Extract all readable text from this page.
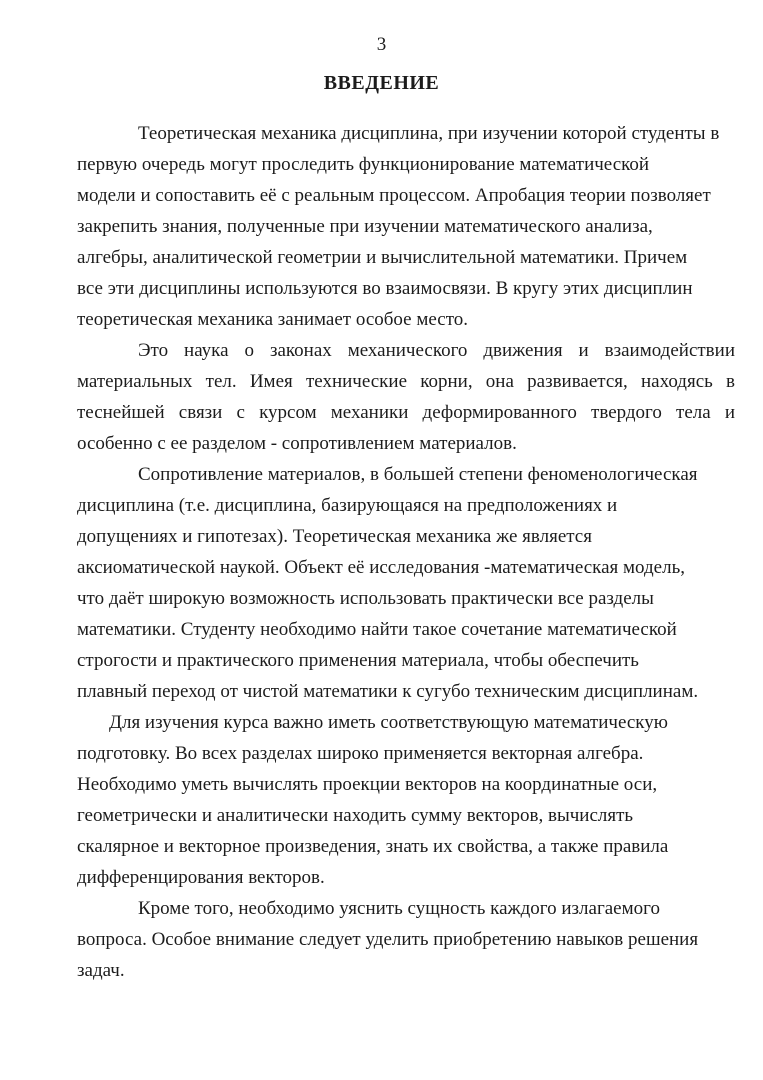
3
ВВЕДЕНИЕ

Теоретическая механика дисциплина, при изучении которой студенты в
первую очередь могут проследить функционирование математической
модели и сопоставить её с реальным процессом. Апробация теории позволяет
закрепить знания, полученные при изучении математического анализа,
алгебры, аналитической геометрии и вычислительной математики. Причем
все эти дисциплины используются во взаимосвязи. В кругу этих дисциплин
теоретическая механика занимает особое место.

Это наука о законах механического движения и взаимодействии
материальных тел. Имея технические корни, она развивается, находясь в
теснейшей связи с курсом механики деформированного твердого тела и
особенно с ее разделом - сопротивлением материалов.

Сопротивление материалов, в большей степени феноменологическая
дисциплина (т.е. дисциплина, базирующаяся на предположениях и
допущениях и гипотезах). Теоретическая механика же является
аксиоматической наукой. Объект её исследования -математическая модель,
что даёт широкую возможность использовать практически все разделы
математики. Студенту необходимо найти такое сочетание математической
строгости и практического применения материала, чтобы обеспечить
плавный переход от чистой математики к сугубо техническим дисциплинам.

Для изучения курса важно иметь соответствующую математическую
подготовку. Во всех разделах широко применяется векторная алгебра.
Необходимо уметь вычислять проекции векторов на координатные оси,
геометрически и аналитически находить сумму векторов, вычислять
скалярное и векторное произведения, знать их свойства, а также правила
дифференцирования векторов.

Кроме того, необходимо уяснить сущность каждого излагаемого
вопроса. Особое внимание следует уделить приобретению навыков решения
задач.
